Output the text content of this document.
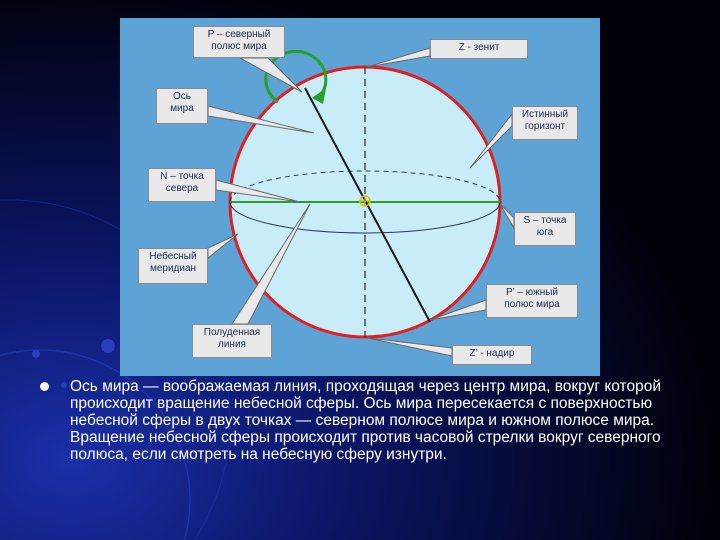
P – северный
полюс мира	Z - зенит
Ось
мира
Истинный
горизонт
N – точка
севера
S – точка
юга
Небесный
меридиан
P’ – южный
полюс мира
Полуденная
линия
Z’ - надир

Ось мира — воображаемая линия, проходящая через центр мира, вокруг которой происходит вращение небесной сферы. Ось мира пересекается с поверхностью небесной сферы в двух точках — северном полюсе мира и южном полюсе мира. Вращение небесной сферы происходит против часовой стрелки вокруг северного полюса, если смотреть на небесную сферу изнутри.
